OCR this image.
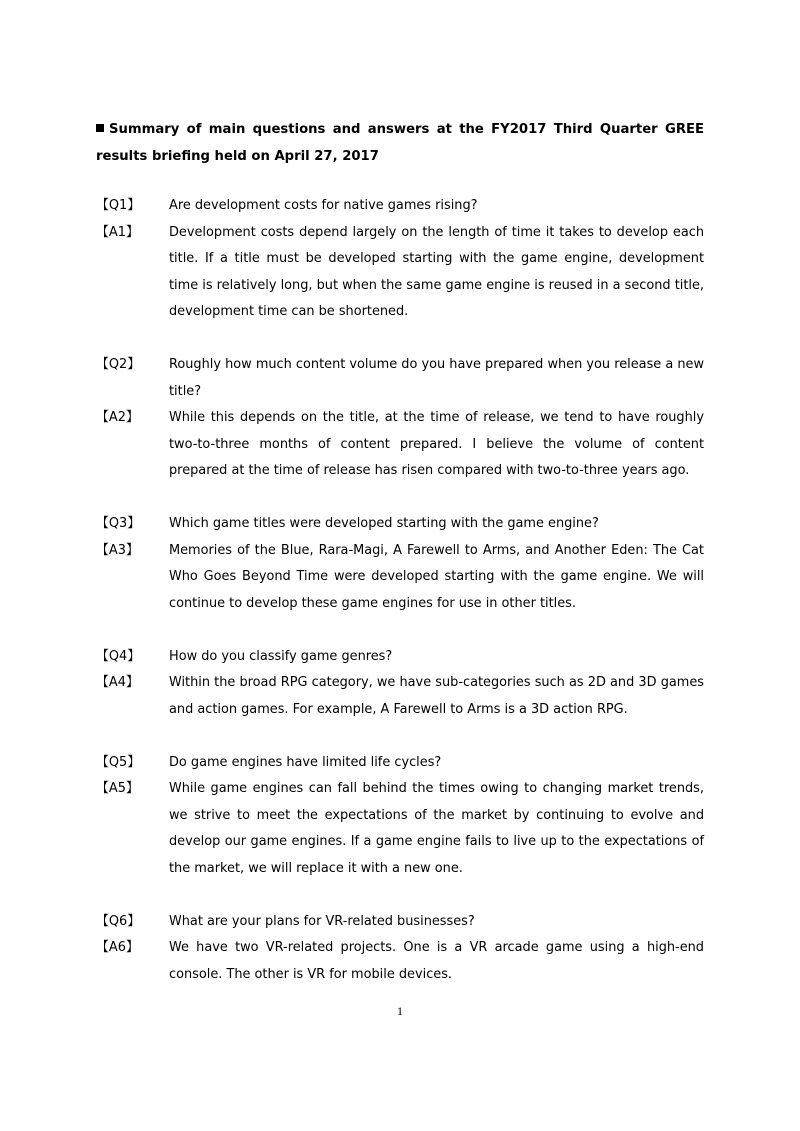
Summary of main questions and answers at the FY2017 Third Quarter GREE results briefing held on April 27, 2017
【Q1】	Are development costs for native games rising?
【A1】	Development costs depend largely on the length of time it takes to develop each title. If a title must be developed starting with the game engine, development time is relatively long, but when the same game engine is reused in a second title, development time can be shortened.
【Q2】	Roughly how much content volume do you have prepared when you release a new title?
【A2】	While this depends on the title, at the time of release, we tend to have roughly two-to-three months of content prepared. I believe the volume of content prepared at the time of release has risen compared with two-to-three years ago.
【Q3】	Which game titles were developed starting with the game engine?
【A3】	Memories of the Blue, Rara-Magi, A Farewell to Arms, and Another Eden: The Cat Who Goes Beyond Time were developed starting with the game engine. We will continue to develop these game engines for use in other titles.
【Q4】	How do you classify game genres?
【A4】	Within the broad RPG category, we have sub-categories such as 2D and 3D games and action games. For example, A Farewell to Arms is a 3D action RPG.
【Q5】	Do game engines have limited life cycles?
【A5】	While game engines can fall behind the times owing to changing market trends, we strive to meet the expectations of the market by continuing to evolve and develop our game engines. If a game engine fails to live up to the expectations of the market, we will replace it with a new one.
【Q6】	What are your plans for VR-related businesses?
【A6】	We have two VR-related projects. One is a VR arcade game using a high-end console. The other is VR for mobile devices.
1
